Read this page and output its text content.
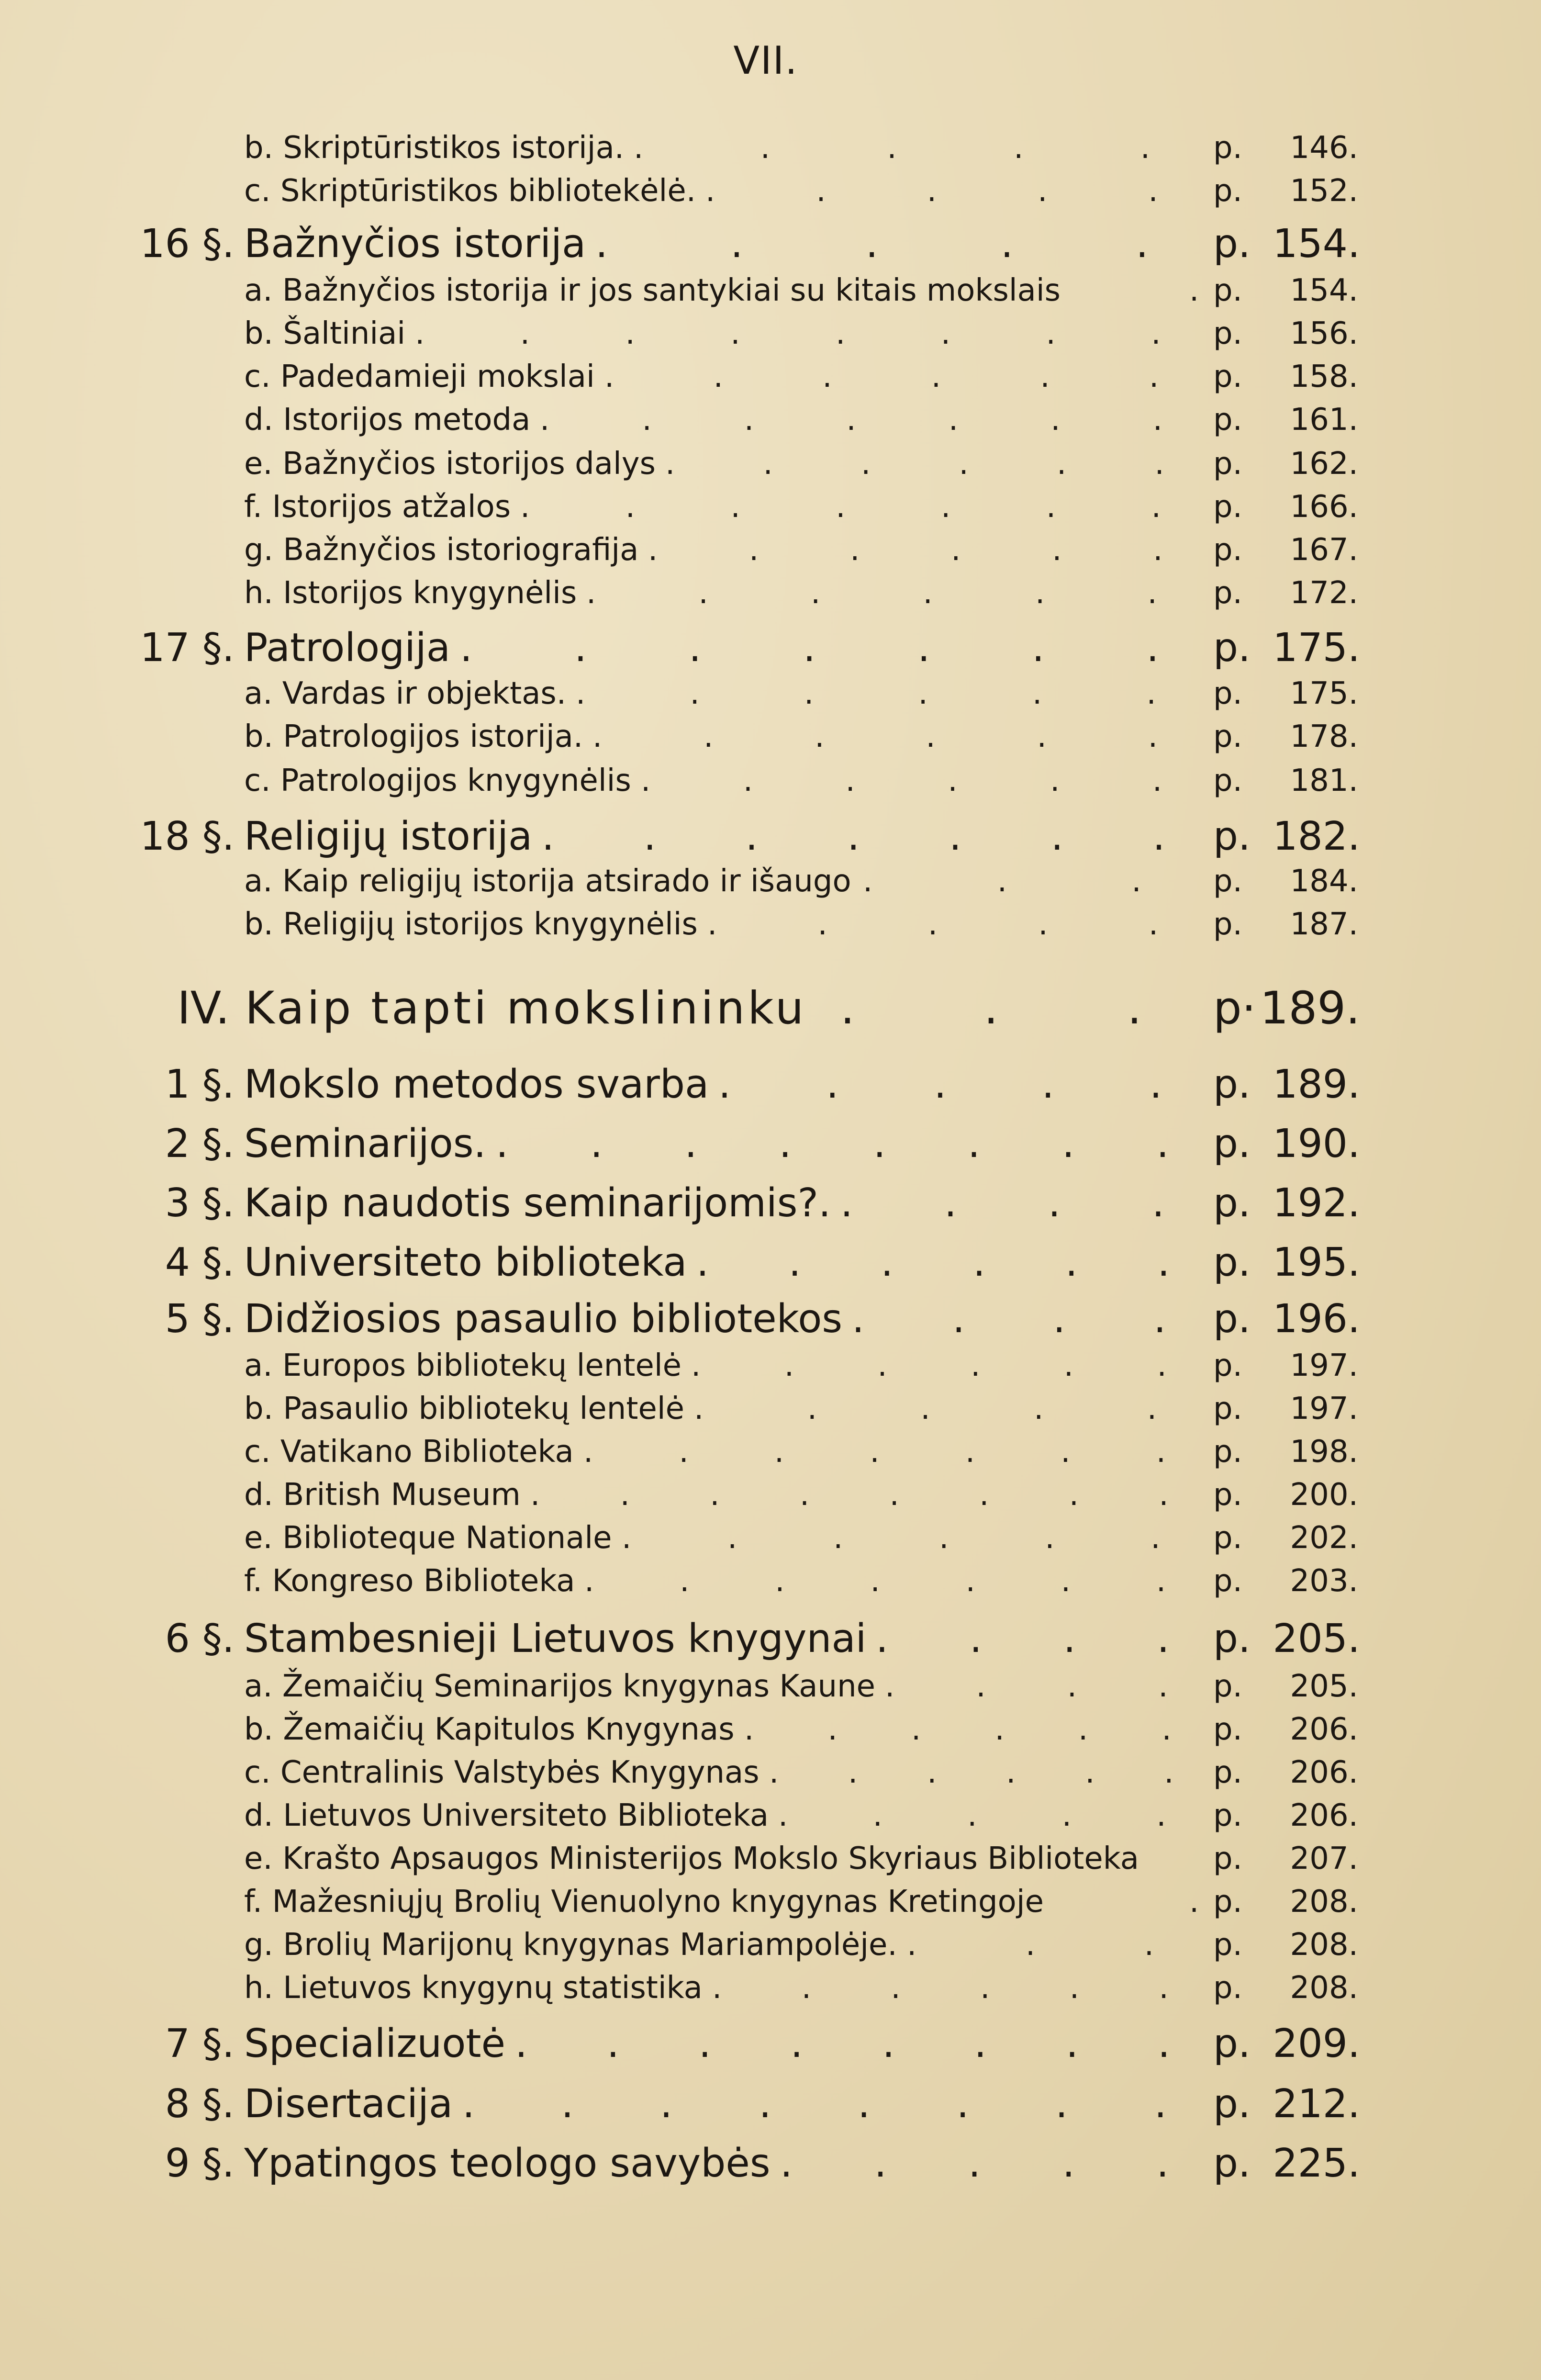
VII.
b. Skriptūristikos istorija. . . . . . p.	146.
c. Skriptūristikos bibliotekėlė. . . . . . p.	152.
16 §. Bažnyčios istorija . . . . . p. 154.
a. Bažnyčios istorija ir jos santykiai su kitais mokslais	. p.	154.
b. Šaltiniai . . . . . . . . p.	156.
c. Padedamieji mokslai . . . . . . p.	158.
d. Istorijos metoda . . . . . . . p.	161.
e. Bažnyčios istorijos dalys . . . . . . p.	162.
f. Istorijos atžalos . . . . . . . p.	166.
g. Bažnyčios istoriografija . . . . . . p.	167.
h. Istorijos knygynėlis . . . . . . p.	172.
17 §. Patrologija . . . . . . . p. 175.
a. Vardas ir objektas. . . . . . . p.	175.
b. Patrologijos istorija. . . . . . . p.	178.
c. Patrologijos knygynėlis . . . . . . p.	181.
18 §. Religijų istorija . . . . . . . p. 182.
a. Kaip religijų istorija atsirado ir išaugo . . . p.	184.
b. Religijų istorijos knygynėlis . . . . . p.	187.
IV. Kaip tapti mokslininku . . . p· 189.
1 §. Mokslo metodos svarba . . . . . p. 189.
2 §. Seminarijos. . . . . . . . . p. 190.
3 §. Kaip naudotis seminarijomis?. . . . . p. 192.
4 §. Universiteto biblioteka . . . . . . p. 195.
5 §. Didžiosios pasaulio bibliotekos . . . . p. 196.
a. Europos bibliotekų lentelė . . . . . . p.	197.
b. Pasaulio bibliotekų lentelė . . . . . p.	197.
c. Vatikano Biblioteka . . . . . . . p.	198.
d. British Museum . . . . . . . . p.	200.
e. Biblioteque Nationale . . . . . . p.	202.
f. Kongreso Biblioteka . . . . . . . p.	203.
6 §. Stambesnieji Lietuvos knygynai . . . . p. 205.
a. Žemaičių Seminarijos knygynas Kaune . . . . p.	205.
b. Žemaičių Kapitulos Knygynas . . . . . . p.	206.
c. Centralinis Valstybės Knygynas . . . . . . p.	206.
d. Lietuvos Universiteto Biblioteka . . . . . p.	206.
e. Krašto Apsaugos Ministerijos Mokslo Skyriaus Biblioteka p.	207.
f. Mažesniųjų Brolių Vienuolyno knygynas Kretingoje	. p.	208.
g. Brolių Marijonų knygynas Mariampolėje. . . . p.	208.
h. Lietuvos knygynų statistika . . . . . . p.	208.
7 §. Specializuotė . . . . . . . . p. 209.
8 §. Disertacija . . . . . . . . p. 212.
9 §. Ypatingos teologo savybės . . . . . p. 225.
